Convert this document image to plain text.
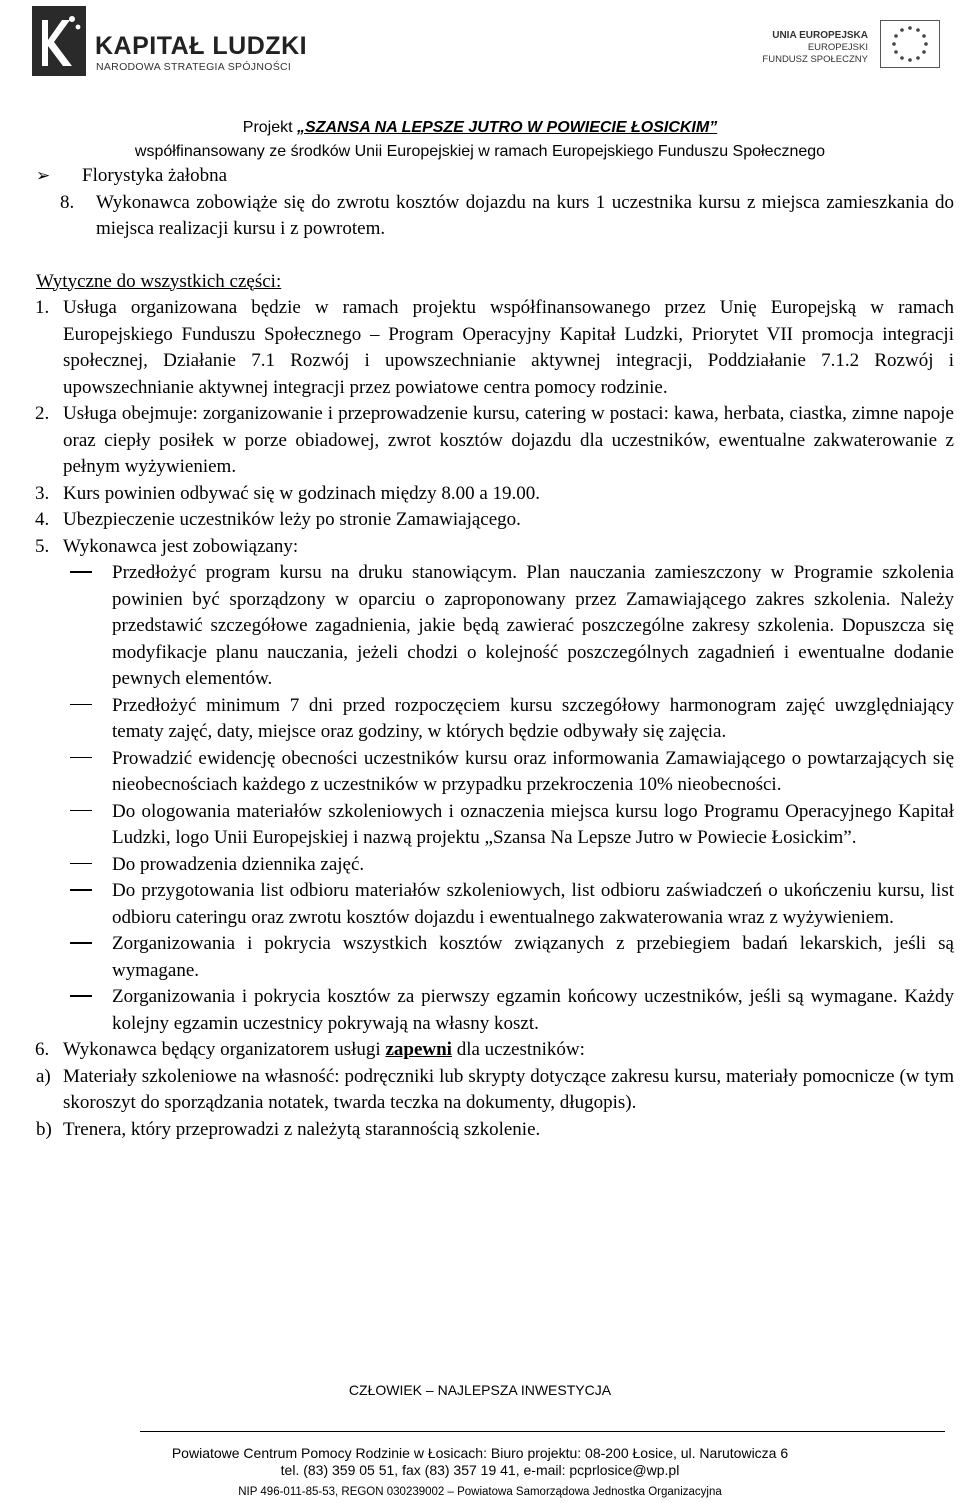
KAPITAŁ LUDZKI
NARODOWA STRATEGIA SPÓJNOŚCI
UNIA EUROPEJSKA
EUROPEJSKI
FUNDUSZ SPOŁECZNY
Projekt „SZANSA NA LEPSZE JUTRO W POWIECIE ŁOSICKIM”
współfinansowany ze środków Unii Europejskiej w ramach Europejskiego Funduszu Społecznego
➢	Florystyka żałobna
8.	Wykonawca zobowiąże się do zwrotu kosztów dojazdu na kurs 1 uczestnika kursu z miejsca zamieszkania do miejsca realizacji kursu i z powrotem.
Wytyczne do wszystkich części:
1. Usługa organizowana będzie w ramach projektu współfinansowanego przez Unię Europejską w ramach Europejskiego Funduszu Społecznego – Program Operacyjny Kapitał Ludzki, Priorytet VII promocja integracji społecznej, Działanie 7.1 Rozwój i upowszechnianie aktywnej integracji, Poddziałanie 7.1.2 Rozwój i upowszechnianie aktywnej integracji przez powiatowe centra pomocy rodzinie.
2. Usługa obejmuje: zorganizowanie i przeprowadzenie kursu, catering w postaci: kawa, herbata, ciastka, zimne napoje oraz ciepły posiłek w porze obiadowej, zwrot kosztów dojazdu dla uczestników, ewentualne zakwaterowanie z pełnym wyżywieniem.
3. Kurs powinien odbywać się w godzinach między 8.00 a 19.00.
4. Ubezpieczenie uczestników leży po stronie Zamawiającego.
5. Wykonawca jest zobowiązany:
Przedłożyć program kursu na druku stanowiącym. Plan nauczania zamieszczony w Programie szkolenia powinien być sporządzony w oparciu o zaproponowany przez Zamawiającego zakres szkolenia. Należy przedstawić szczegółowe zagadnienia, jakie będą zawierać poszczególne zakresy szkolenia. Dopuszcza się modyfikacje planu nauczania, jeżeli chodzi o kolejność poszczególnych zagadnień i ewentualne dodanie pewnych elementów.
Przedłożyć minimum 7 dni przed rozpoczęciem kursu szczegółowy harmonogram zajęć uwzględniający tematy zajęć, daty, miejsce oraz godziny, w których będzie odbywały się zajęcia.
Prowadzić ewidencję obecności uczestników kursu oraz informowania Zamawiającego o powtarzających się nieobecnościach każdego z uczestników w przypadku przekroczenia 10% nieobecności.
Do ologowania materiałów szkoleniowych i oznaczenia miejsca kursu logo Programu Operacyjnego Kapitał Ludzki, logo Unii Europejskiej i nazwą projektu „Szansa Na Lepsze Jutro w Powiecie Łosickim”.
Do prowadzenia dziennika zajęć.
Do przygotowania list odbioru materiałów szkoleniowych, list odbioru zaświadczeń o ukończeniu kursu, list odbioru cateringu oraz zwrotu kosztów dojazdu i ewentualnego zakwaterowania wraz z wyżywieniem.
Zorganizowania i pokrycia wszystkich kosztów związanych z przebiegiem badań lekarskich, jeśli są wymagane.
Zorganizowania i pokrycia kosztów za pierwszy egzamin końcowy uczestników, jeśli są wymagane. Każdy kolejny egzamin uczestnicy pokrywają na własny koszt.
6. Wykonawca będący organizatorem usługi zapewni dla uczestników:
a) Materiały szkoleniowe na własność: podręczniki lub skrypty dotyczące zakresu kursu, materiały pomocnicze (w tym skoroszyt do sporządzania notatek, twarda teczka na dokumenty, długopis).
b) Trenera, który przeprowadzi z należytą starannością szkolenie.
CZŁOWIEK – NAJLEPSZA INWESTYCJA
Powiatowe Centrum Pomocy Rodzinie w Łosicach: Biuro projektu: 08-200 Łosice, ul. Narutowicza 6
tel. (83) 359 05 51, fax (83) 357 19 41, e-mail: pcprlosice@wp.pl
NIP 496-011-85-53, REGON 030239002 – Powiatowa Samorządowa Jednostka Organizacyjna
